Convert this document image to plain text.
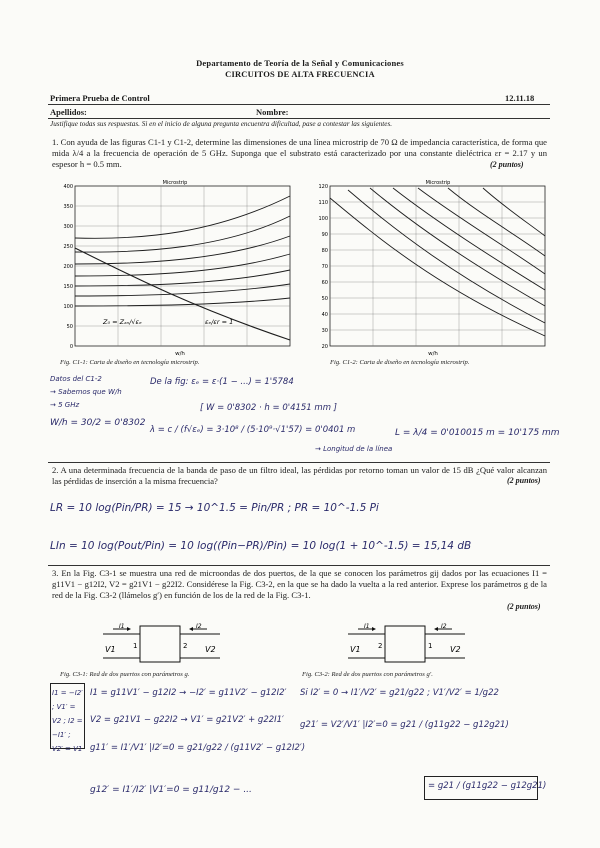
Departamento de Teoría de la Señal y Comunicaciones
CIRCUITOS DE ALTA FRECUENCIA
Primera Prueba de Control	12.11.18
Apellidos:	Nombre:
Justifique todas sus respuestas. Si en el inicio de alguna pregunta encuentra dificultad, pase a contestar las siguientes.
1. Con ayuda de las figuras C1-1 y C1-2, determine las dimensiones de una línea microstrip de 70 Ω de impedancia característica, de forma que mida λ/4 a la frecuencia de operación de 5 GHz. Suponga que el substrato está caracterizado por una constante dieléctrica εr = 2.17 y un espesor h = 0.5 mm.	(2 puntos)
400
350
300
250
200
150
100
50
0
Microstrip
Z₀ = Zₐₙ/√εₑ	εₑ/εr = 1
w/h
Fig. C1-1: Carta de diseño en tecnología microstrip.
120
110
100
90
80
70
60
50
40
30
20
Microstrip
w/h
Fig. C1-2: Carta de diseño en tecnología microstrip.
Datos del C1-2
→ Sabemos que W/h
→ 5 GHz
W/h = 30/2 = 0'8302
De la fig: εₑ = ε·(1 − ...) = 1'5784
[ W = 0'8302 · h = 0'4151 mm ]
λ = c / (f√εₑ) = 3·10⁸ / (5·10⁹·√1'57) = 0'0401 m
→ Longitud de la línea
L = λ/4 = 0'010015 m = 10'175 mm
2. A una determinada frecuencia de la banda de paso de un filtro ideal, las pérdidas por retorno toman un valor de 15 dB ¿Qué valor alcanzan las pérdidas de inserción a la misma frecuencia?	(2 puntos)
LR = 10 log(Pin/PR) = 15 → 10^1.5 = Pin/PR ; PR = 10^-1.5 Pi
LIn = 10 log(Pout/Pin) = 10 log((Pin−PR)/Pin) = 10 log(1 + 10^-1.5) = 15,14 dB
3. En la Fig. C3-1 se muestra una red de microondas de dos puertos, de la que se conocen los parámetros gij dados por las ecuaciones I1 = g11V1 − g12I2, V2 = g21V1 − g22I2. Considérese la Fig. C3-2, en la que se ha dado la vuelta a la red anterior. Exprese los parámetros g de la red de la Fig. C3-2 (llámelos g′) en función de los de la red de la Fig. C3-1.
(2 puntos)
V1	V2
I1	I2
1	2	V1	V2
I1	I2
2	1
Fig. C3-1: Red de dos puertos con parámetros g.	Fig. C3-2: Red de dos puertos con parámetros g′.
I1 = −I2′ ; V1′ = V2 ; I2 = −I1′ ; V2′ = V1
I1 = g11V1′ − g12I2 → −I2′ = g11V2′ − g12I2′
V2 = g21V1 − g22I2 → V1′ = g21V2′ + g22I1′
g11′ = I1′/V1′ |I2′=0 = g21/g22 / (g11V2′ − g12I2′)
Si I2′ = 0 → I1′/V2′ = g21/g22 ; V1′/V2′ = 1/g22
g21′ = V2′/V1′ |I2′=0 = g21 / (g11g22 − g12g21)
g12′ = I1′/I2′ |V1′=0 = g11/g12 − ...	= g21 / (g11g22 − g12g21)
